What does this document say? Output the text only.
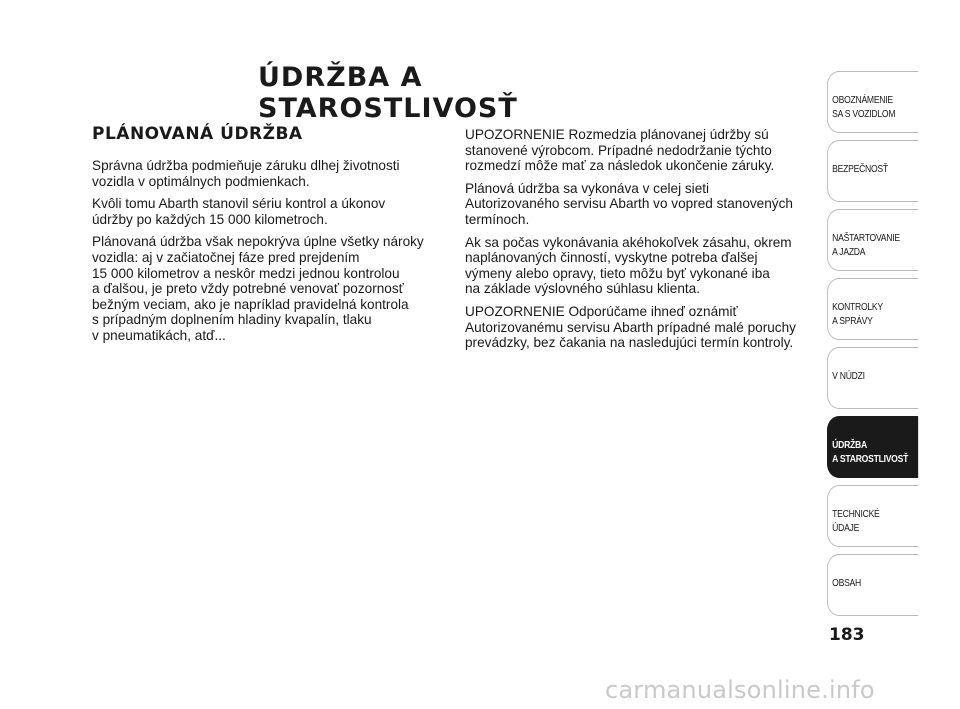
ÚDRŽBA A STAROSTLIVOSŤ
PLÁNOVANÁ ÚDRŽBA

Správna údržba podmieňuje záruku dlhej životnosti
vozidla v optimálnych podmienkach.

Kvôli tomu Abarth stanovil sériu kontrol a úkonov
údržby po každých 15 000 kilometroch.

Plánovaná údržba však nepokrýva úplne všetky nároky
vozidla: aj v začiatočnej fáze pred prejdením
15 000 kilometrov a neskôr medzi jednou kontrolou
a ďalšou, je preto vždy potrebné venovať pozornosť
bežným veciam, ako je napríklad pravidelná kontrola
s prípadným doplnením hladiny kvapalín, tlaku
v pneumatikách, atď...

UPOZORNENIE Rozmedzia plánovanej údržby sú
stanovené výrobcom. Prípadné nedodržanie týchto
rozmedzí môže mať za následok ukončenie záruky.

Plánová údržba sa vykonáva v celej sieti
Autorizovaného servisu Abarth vo vopred stanovených
termínoch.

Ak sa počas vykonávania akéhokoľvek zásahu, okrem
naplánovaných činností, vyskytne potreba ďalšej
výmeny alebo opravy, tieto môžu byť vykonané iba
na základe výslovného súhlasu klienta.

UPOZORNENIE Odporúčame ihneď oznámiť
Autorizovanému servisu Abarth prípadné malé poruchy
prevádzky, bez čakania na nasledujúci termín kontroly.

OBOZNÁMENIE
SA S VOZIDLOM
BEZPEČNOSŤ
NAŠTARTOVANIE
A JAZDA
KONTROLKY
A SPRÁVY
V NÚDZI
ÚDRŽBA
A STAROSTLIVOSŤ
TECHNICKÉ
ÚDAJE
OBSAH
183
carmanualsonline.info
